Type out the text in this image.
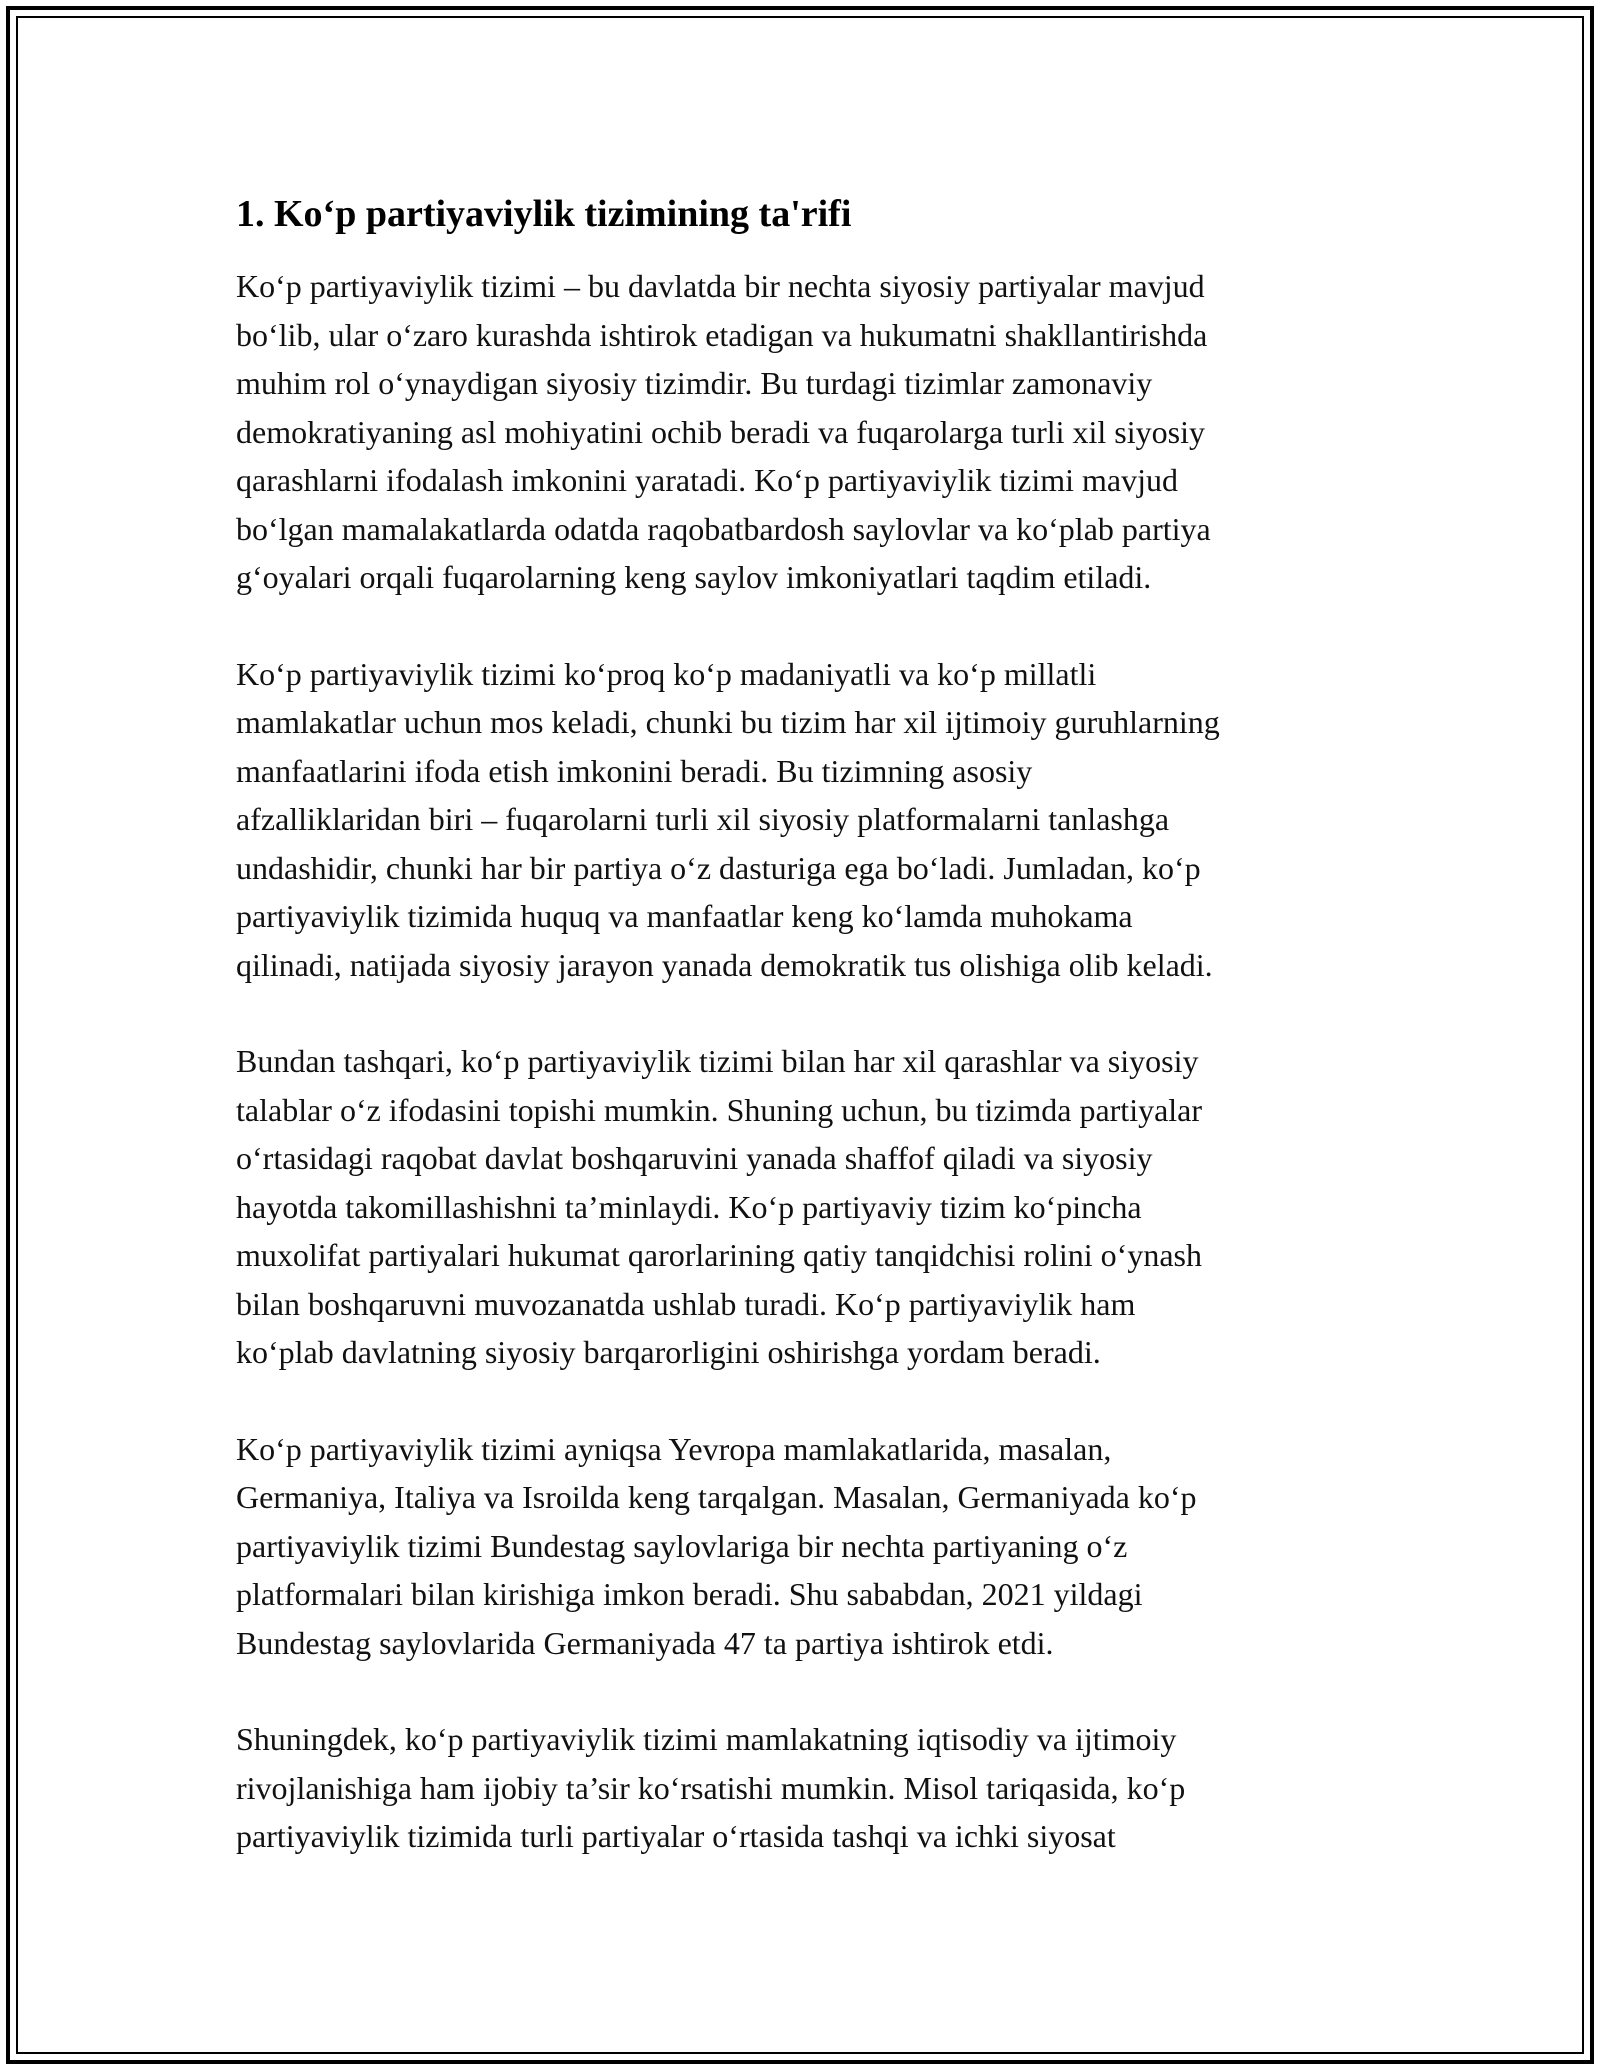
1. Ko‘p partiyaviylik tizimining ta'rifi

Ko‘p partiyaviylik tizimi – bu davlatda bir nechta siyosiy partiyalar mavjud
bo‘lib, ular o‘zaro kurashda ishtirok etadigan va hukumatni shakllantirishda
muhim rol o‘ynaydigan siyosiy tizimdir. Bu turdagi tizimlar zamonaviy
demokratiyaning asl mohiyatini ochib beradi va fuqarolarga turli xil siyosiy
qarashlarni ifodalash imkonini yaratadi. Ko‘p partiyaviylik tizimi mavjud
bo‘lgan mamalakatlarda odatda raqobatbardosh saylovlar va ko‘plab partiya
g‘oyalari orqali fuqarolarning keng saylov imkoniyatlari taqdim etiladi.

Ko‘p partiyaviylik tizimi ko‘proq ko‘p madaniyatli va ko‘p millatli
mamlakatlar uchun mos keladi, chunki bu tizim har xil ijtimoiy guruhlarning
manfaatlarini ifoda etish imkonini beradi. Bu tizimning asosiy
afzalliklaridan biri – fuqarolarni turli xil siyosiy platformalarni tanlashga
undashidir, chunki har bir partiya o‘z dasturiga ega bo‘ladi. Jumladan, ko‘p
partiyaviylik tizimida huquq va manfaatlar keng ko‘lamda muhokama
qilinadi, natijada siyosiy jarayon yanada demokratik tus olishiga olib keladi.

Bundan tashqari, ko‘p partiyaviylik tizimi bilan har xil qarashlar va siyosiy
talablar o‘z ifodasini topishi mumkin. Shuning uchun, bu tizimda partiyalar
o‘rtasidagi raqobat davlat boshqaruvini yanada shaffof qiladi va siyosiy
hayotda takomillashishni ta’minlaydi. Ko‘p partiyaviy tizim ko‘pincha
muxolifat partiyalari hukumat qarorlarining qatiy tanqidchisi rolini o‘ynash
bilan boshqaruvni muvozanatda ushlab turadi. Ko‘p partiyaviylik ham
ko‘plab davlatning siyosiy barqarorligini oshirishga yordam beradi.

Ko‘p partiyaviylik tizimi ayniqsa Yevropa mamlakatlarida, masalan,
Germaniya, Italiya va Isroilda keng tarqalgan. Masalan, Germaniyada ko‘p
partiyaviylik tizimi Bundestag saylovlariga bir nechta partiyaning o‘z
platformalari bilan kirishiga imkon beradi. Shu sababdan, 2021 yildagi
Bundestag saylovlarida Germaniyada 47 ta partiya ishtirok etdi.

Shuningdek, ko‘p partiyaviylik tizimi mamlakatning iqtisodiy va ijtimoiy
rivojlanishiga ham ijobiy ta’sir ko‘rsatishi mumkin. Misol tariqasida, ko‘p
partiyaviylik tizimida turli partiyalar o‘rtasida tashqi va ichki siyosat
